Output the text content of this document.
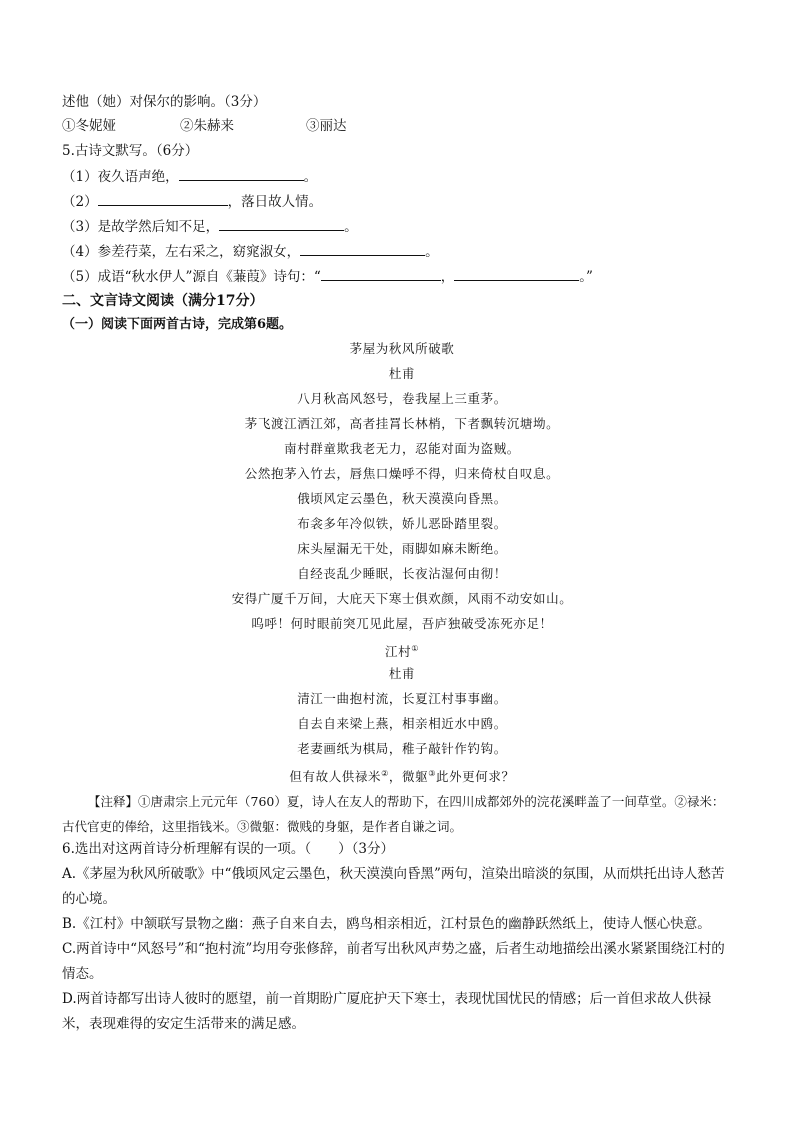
述他（她）对保尔的影响。（3分）
①冬妮娅	②朱赫来	③丽达
5.古诗文默写。（6分）
（1）夜久语声绝，	。
（2）	，落日故人情。
（3）是故学然后知不足，	。
（4）参差荇菜，左右采之，窈窕淑女，	。
（5）成语“秋水伊人”源自《蒹葭》诗句：“	，	。”
二、文言诗文阅读（满分17分）
（一）阅读下面两首古诗，完成第6题。
茅屋为秋风所破歌
杜甫
八月秋高风怒号，卷我屋上三重茅。
茅飞渡江洒江郊，高者挂罥长林梢，下者飘转沉塘坳。
南村群童欺我老无力，忍能对面为盗贼。
公然抱茅入竹去，唇焦口燥呼不得，归来倚杖自叹息。
俄顷风定云墨色，秋天漠漠向昏黑。
布衾多年冷似铁，娇儿恶卧踏里裂。
床头屋漏无干处，雨脚如麻未断绝。
自经丧乱少睡眠，长夜沾湿何由彻！
安得广厦千万间，大庇天下寒士俱欢颜，风雨不动安如山。
呜呼！何时眼前突兀见此屋，吾庐独破受冻死亦足！
江村①
杜甫
清江一曲抱村流，长夏江村事事幽。
自去自来梁上燕，相亲相近水中鸥。
老妻画纸为棋局，稚子敲针作钓钩。
但有故人供禄米②，微躯③此外更何求？
【注释】①唐肃宗上元元年（760）夏，诗人在友人的帮助下，在四川成都郊外的浣花溪畔盖了一间草堂。②禄米：古代官吏的俸给，这里指钱米。③微躯：微贱的身躯，是作者自谦之词。
6.选出对这两首诗分析理解有误的一项。（　　）（3分）
A.《茅屋为秋风所破歌》中“俄顷风定云墨色，秋天漠漠向昏黑”两句，渲染出暗淡的氛围，从而烘托出诗人愁苦的心境。
B.《江村》中颔联写景物之幽：燕子自来自去，鸥鸟相亲相近，江村景色的幽静跃然纸上，使诗人惬心快意。
C.两首诗中“风怒号”和“抱村流”均用夸张修辞，前者写出秋风声势之盛，后者生动地描绘出溪水紧紧围绕江村的情态。
D.两首诗都写出诗人彼时的愿望，前一首期盼广厦庇护天下寒士，表现忧国忧民的情感；后一首但求故人供禄米，表现难得的安定生活带来的满足感。
